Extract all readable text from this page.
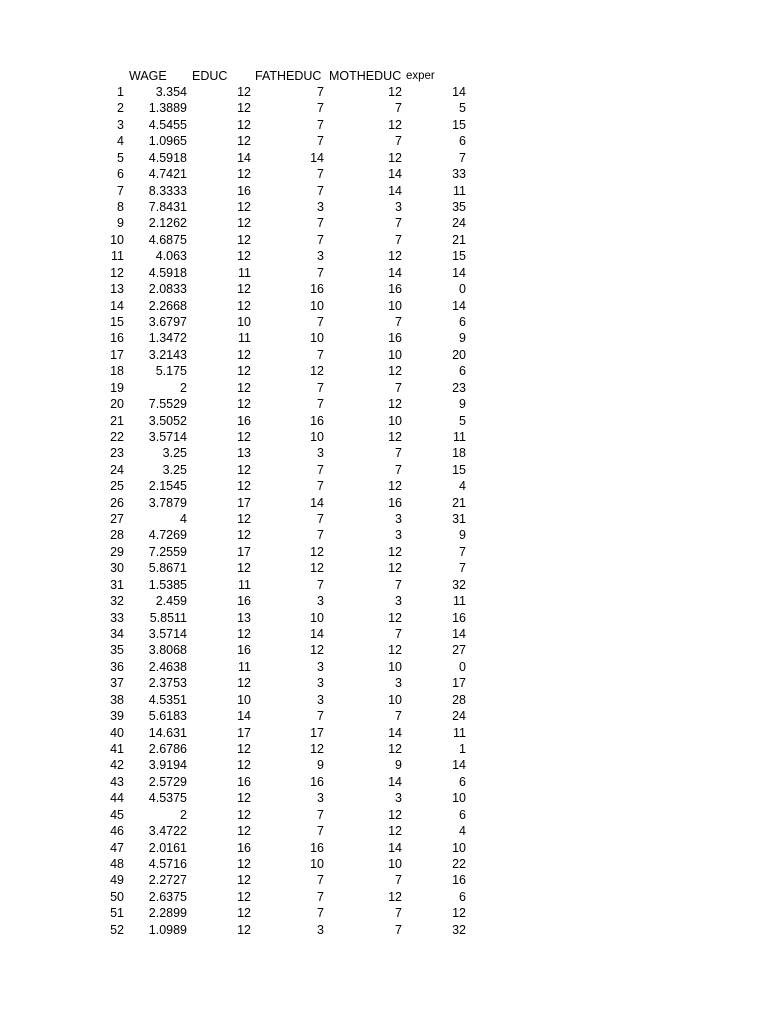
WAGE EDUC FATHEDUC MOTHEDUC exper
1	3.354	12	7	12	14
2 1.3889	12	7	7	5
3 4.5455	12	7	12	15
4 1.0965	12	7	7	6
5 4.5918	14	14	12	7
6 4.7421	12	7	14	33
7 8.3333	16	7	14	11
8 7.8431	12	3	3	35
9 2.1262	12	7	7	24
10 4.6875	12	7	7	21
11	4.063	12	3	12	15
12 4.5918	11	7	14	14
13 2.0833	12	16	16	0
14 2.2668	12	10	10	14
15 3.6797	10	7	7	6
16 1.3472	11	10	16	9
17 3.2143	12	7	10	20
18	5.175	12	12	12	6
19	2	12	7	7	23
20 7.5529	12	7	12	9
21 3.5052	16	16	10	5
22 3.5714	12	10	12	11
23	3.25	13	3	7	18
24	3.25	12	7	7	15
25 2.1545	12	7	12	4
26 3.7879	17	14	16	21
27	4	12	7	3	31
28 4.7269	12	7	3	9
29 7.2559	17	12	12	7
30 5.8671	12	12	12	7
31 1.5385	11	7	7	32
32	2.459	16	3	3	11
33 5.8511	13	10	12	16
34 3.5714	12	14	7	14
35 3.8068	16	12	12	27
36 2.4638	11	3	10	0
37 2.3753	12	3	3	17
38 4.5351	10	3	10	28
39 5.6183	14	7	7	24
40 14.631	17	17	14	11
41 2.6786	12	12	12	1
42 3.9194	12	9	9	14
43 2.5729	16	16	14	6
44 4.5375	12	3	3	10
45	2	12	7	12	6
46 3.4722	12	7	12	4
47 2.0161	16	16	14	10
48 4.5716	12	10	10	22
49 2.2727	12	7	7	16
50 2.6375	12	7	12	6
51 2.2899	12	7	7	12
52 1.0989	12	3	7	32
